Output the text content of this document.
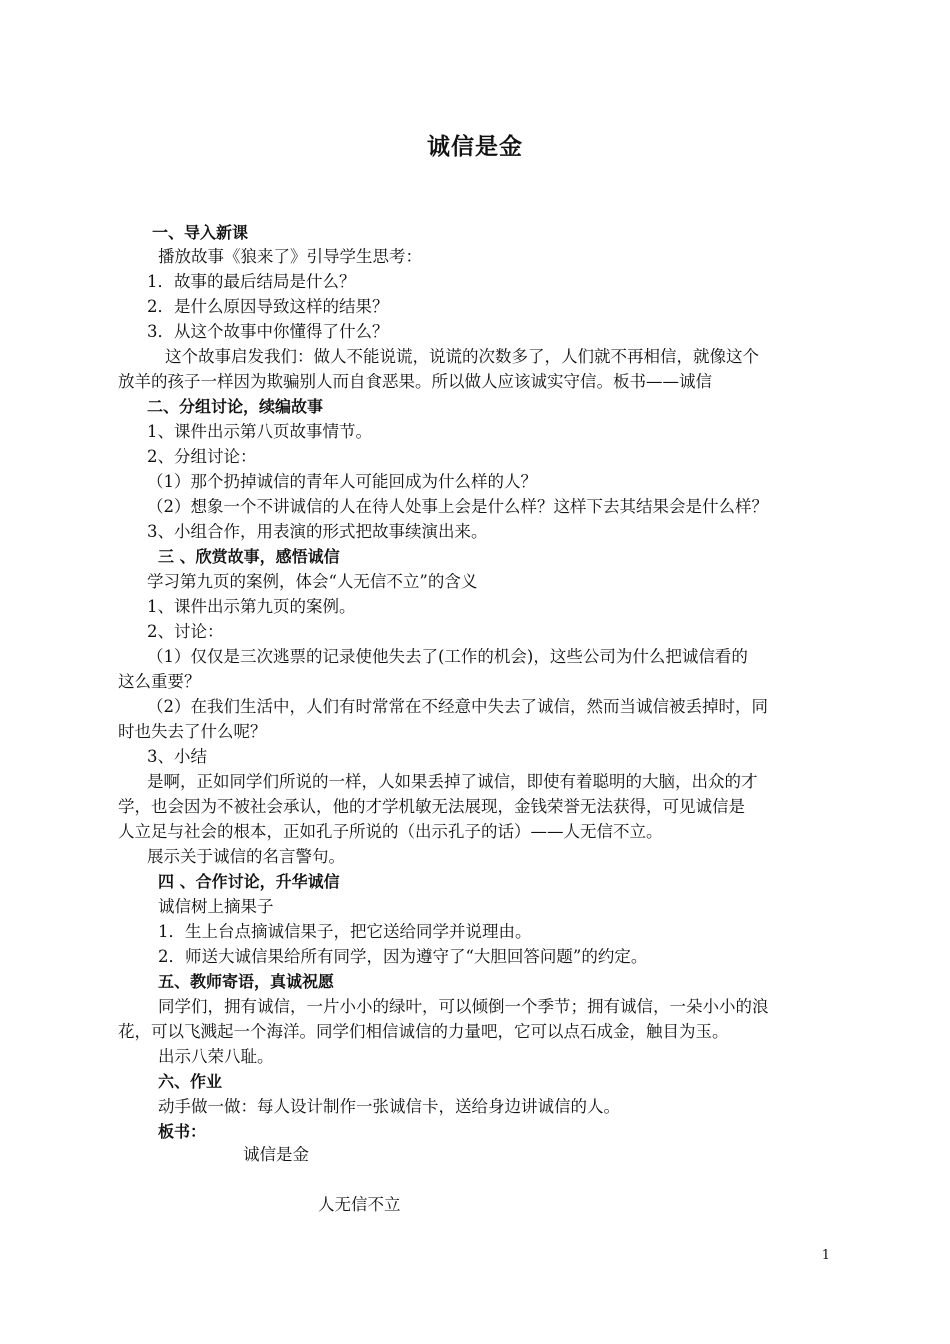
诚信是金
一、导入新课
播放故事《狼来了》引导学生思考：
1．故事的最后结局是什么？
2．是什么原因导致这样的结果？
3．从这个故事中你懂得了什么？
这个故事启发我们：做人不能说谎，说谎的次数多了，人们就不再相信，就像这个
放羊的孩子一样因为欺骗别人而自食恶果。所以做人应该诚实守信。板书——诚信
二、分组讨论，续编故事
1、课件出示第八页故事情节。
2、分组讨论：
（1）那个扔掉诚信的青年人可能回成为什么样的人？
（2）想象一个不讲诚信的人在待人处事上会是什么样？这样下去其结果会是什么样？
3、小组合作，用表演的形式把故事续演出来。
三 、欣赏故事，感悟诚信
学习第九页的案例，体会“人无信不立”的含义
1、课件出示第九页的案例。
2、讨论：
（1）仅仅是三次逃票的记录使他失去了(工作的机会)，这些公司为什么把诚信看的
这么重要？
（2）在我们生活中，人们有时常常在不经意中失去了诚信，然而当诚信被丢掉时，同
时也失去了什么呢？
3、小结
是啊，正如同学们所说的一样，人如果丢掉了诚信，即使有着聪明的大脑，出众的才
学，也会因为不被社会承认，他的才学机敏无法展现，金钱荣誉无法获得，可见诚信是
人立足与社会的根本，正如孔子所说的（出示孔子的话）——人无信不立。
展示关于诚信的名言警句。
四 、合作讨论，升华诚信
诚信树上摘果子
1．生上台点摘诚信果子，把它送给同学并说理由。
2．师送大诚信果给所有同学，因为遵守了“大胆回答问题”的约定。
五、教师寄语，真诚祝愿
同学们，拥有诚信，一片小小的绿叶，可以倾倒一个季节；拥有诚信，一朵小小的浪
花，可以飞溅起一个海洋。同学们相信诚信的力量吧，它可以点石成金，触目为玉。
出示八荣八耻。
六、作业
动手做一做：每人设计制作一张诚信卡，送给身边讲诚信的人。
板书：
诚信是金
人无信不立
1
